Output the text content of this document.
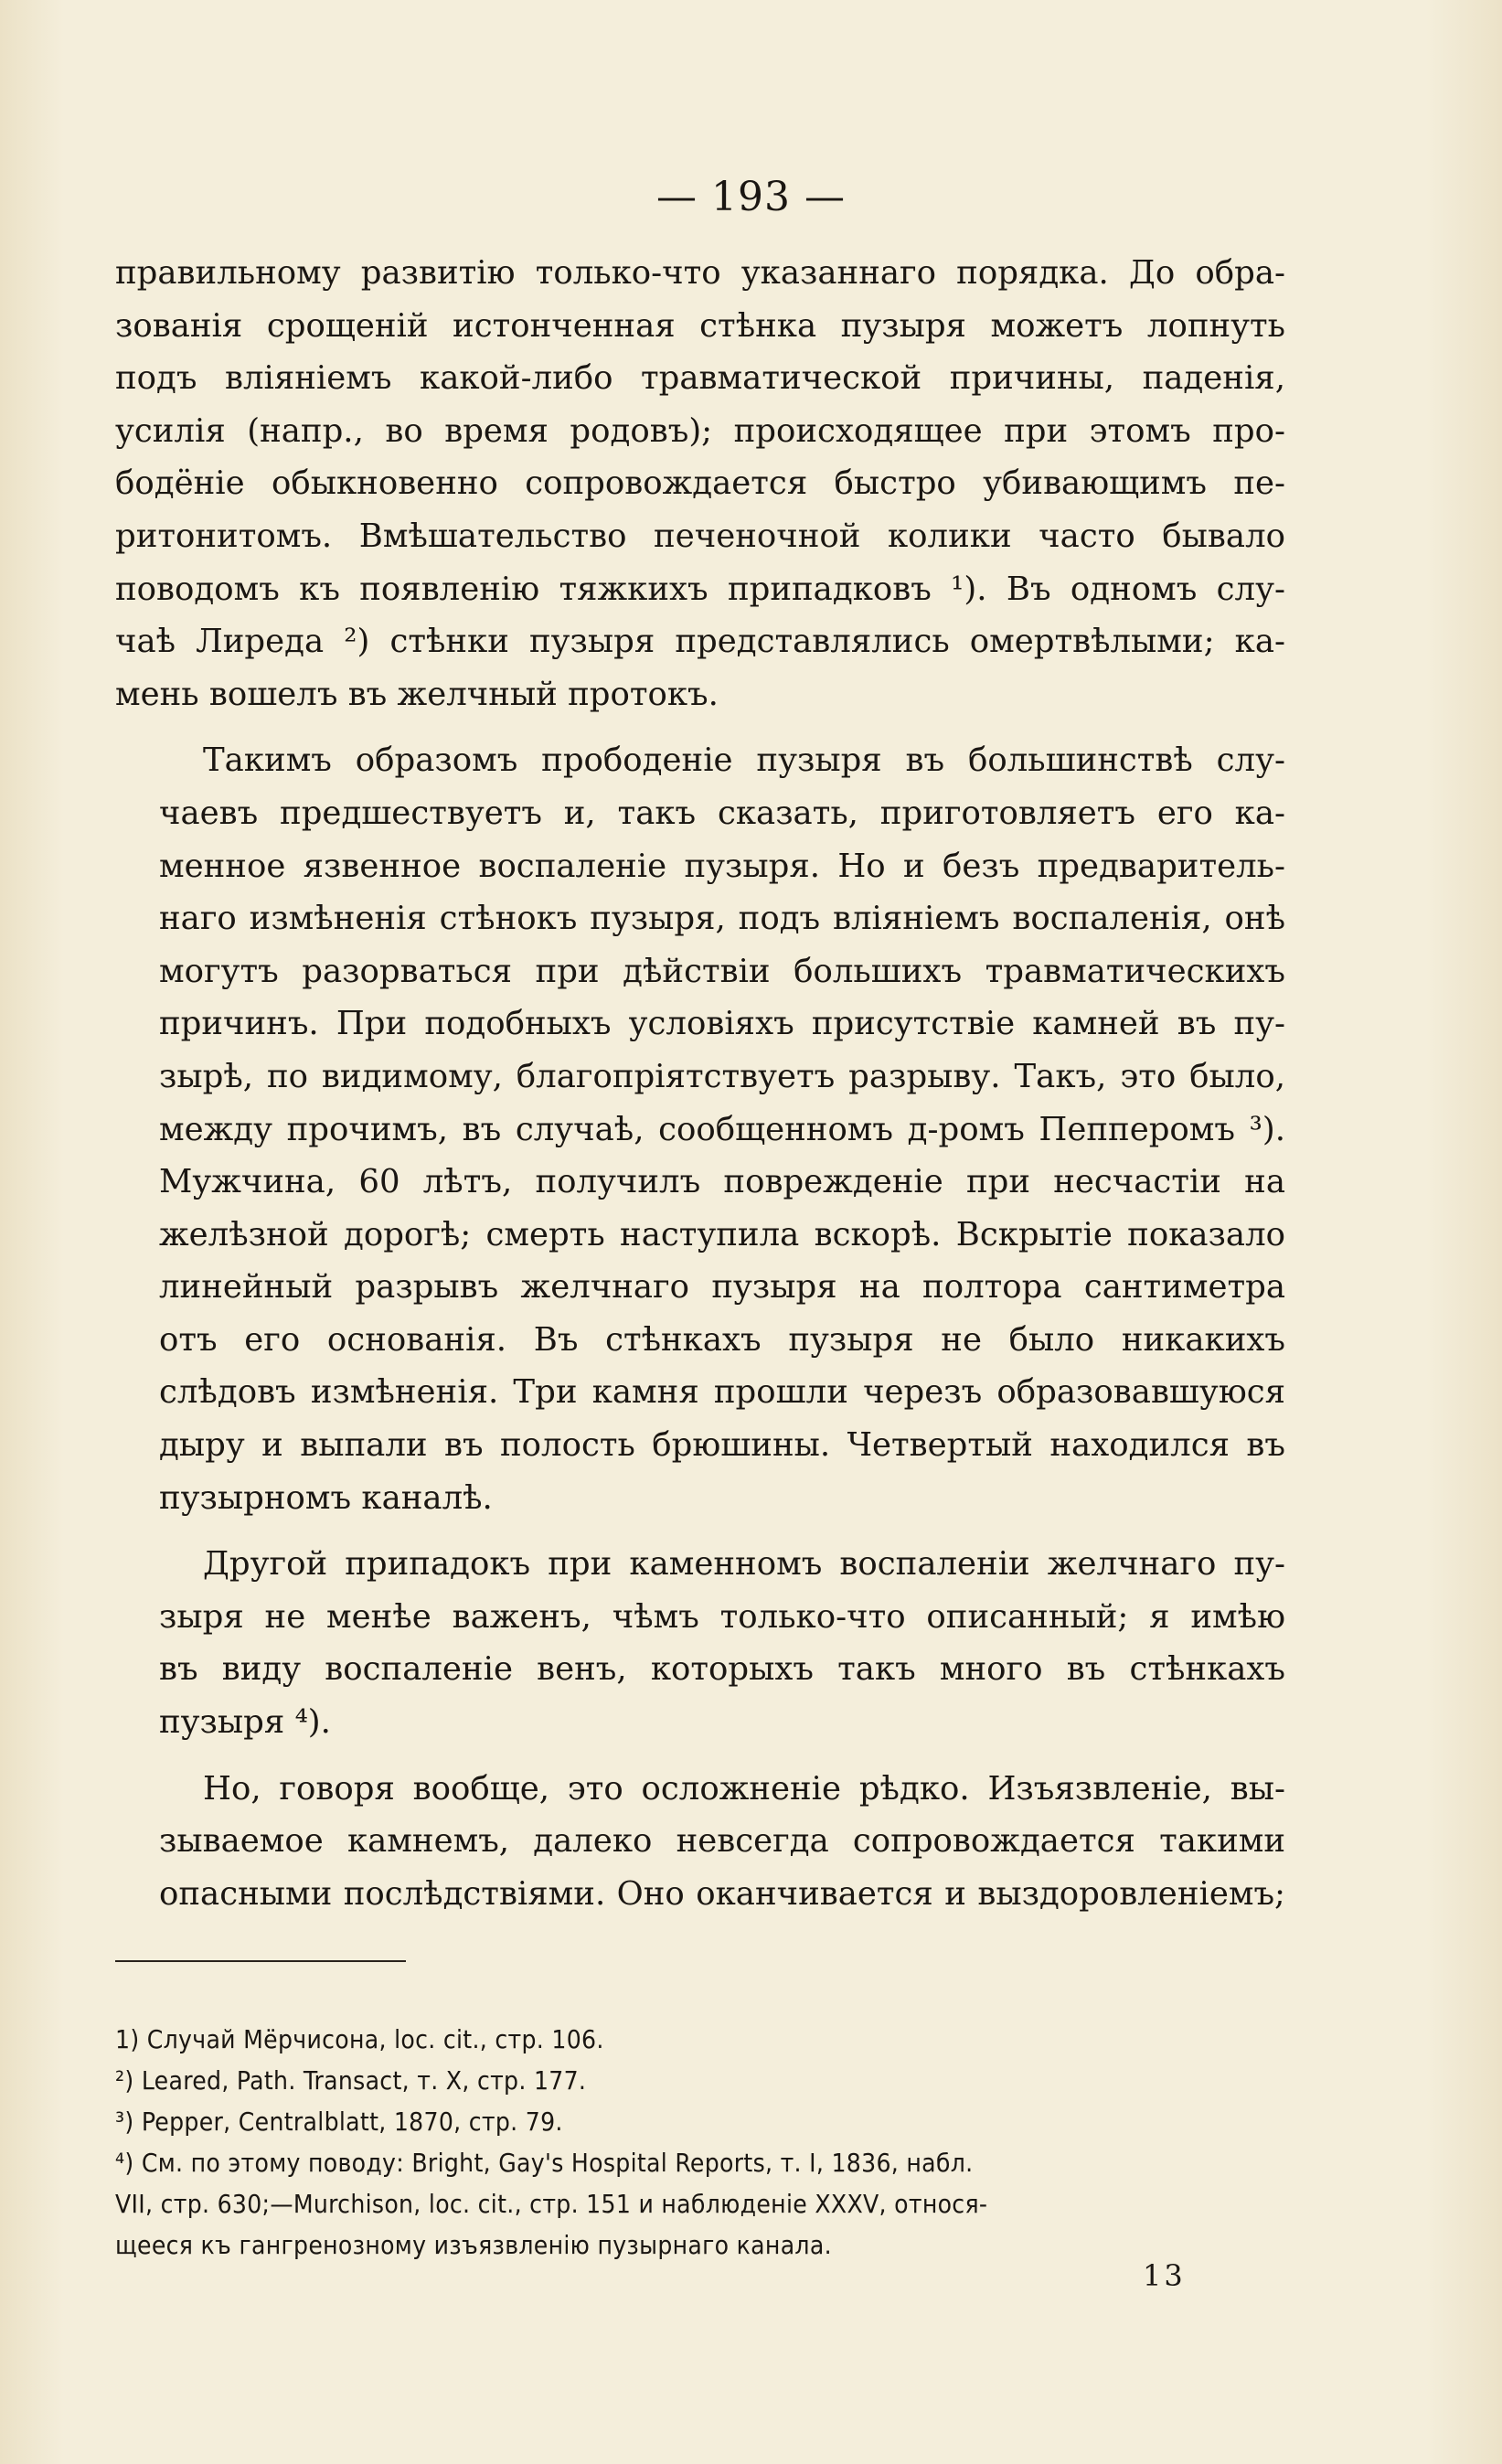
— 193 —

правильному развитію только-что указаннаго порядка. До обра-
зованія срощеній истонченная стѣнка пузыря можетъ лопнуть
подъ вліяніемъ какой-либо травматической причины, паденія,
усилія (напр., во время родовъ); происходящее при этомъ про-
бодёніе обыкновенно сопровождается быстро убивающимъ пе-
ритонитомъ. Вмѣшательство печеночной колики часто бывало
поводомъ къ появленію тяжкихъ припадковъ ¹). Въ одномъ слу-
чаѣ Лиреда ²) стѣнки пузыря представлялись омертвѣлыми; ка-
мень вошелъ въ желчный протокъ.

Такимъ образомъ прободеніе пузыря въ большинствѣ слу-
чаевъ предшествуетъ и, такъ сказать, приготовляетъ его ка-
менное язвенное воспаленіе пузыря. Но и безъ предваритель-
наго измѣненія стѣнокъ пузыря, подъ вліяніемъ воспаленія, онѣ
могутъ разорваться при дѣйствіи большихъ травматическихъ
причинъ. При подобныхъ условіяхъ присутствіе камней въ пу-
зырѣ, по видимому, благопріятствуетъ разрыву. Такъ, это было,
между прочимъ, въ случаѣ, сообщенномъ д-ромъ Пепперомъ ³).
Мужчина, 60 лѣтъ, получилъ поврежденіе при несчастіи на
желѣзной дорогѣ; смерть наступила вскорѣ. Вскрытіе показало
линейный разрывъ желчнаго пузыря на полтора сантиметра
отъ его основанія. Въ стѣнкахъ пузыря не было никакихъ
слѣдовъ измѣненія. Три камня прошли черезъ образовавшуюся
дыру и выпали въ полость брюшины. Четвертый находился въ
пузырномъ каналѣ.

Другой припадокъ при каменномъ воспаленіи желчнаго пу-
зыря не менѣе важенъ, чѣмъ только-что описанный; я имѣю
въ виду воспаленіе венъ, которыхъ такъ много въ стѣнкахъ
пузыря ⁴).

Но, говоря вообще, это осложненіе рѣдко. Изъязвленіе, вы-
зываемое камнемъ, далеко невсегда сопровождается такими
опасными послѣдствіями. Оно оканчивается и выздоровленіемъ;

1) Случай Мёрчисона, loc. cit., стр. 106.
²) Leared, Path. Transact, т. X, стр. 177.
³) Pepper, Centralblatt, 1870, стр. 79.
⁴) См. по этому поводу: Bright, Gay's Hospital Reports, т. I, 1836, набл.
VII, стр. 630;—Murchison, loc. cit., стр. 151 и наблюденіе XXXV, относя-
щееся къ гангренозному изъязвленію пузырнаго канала.
13
